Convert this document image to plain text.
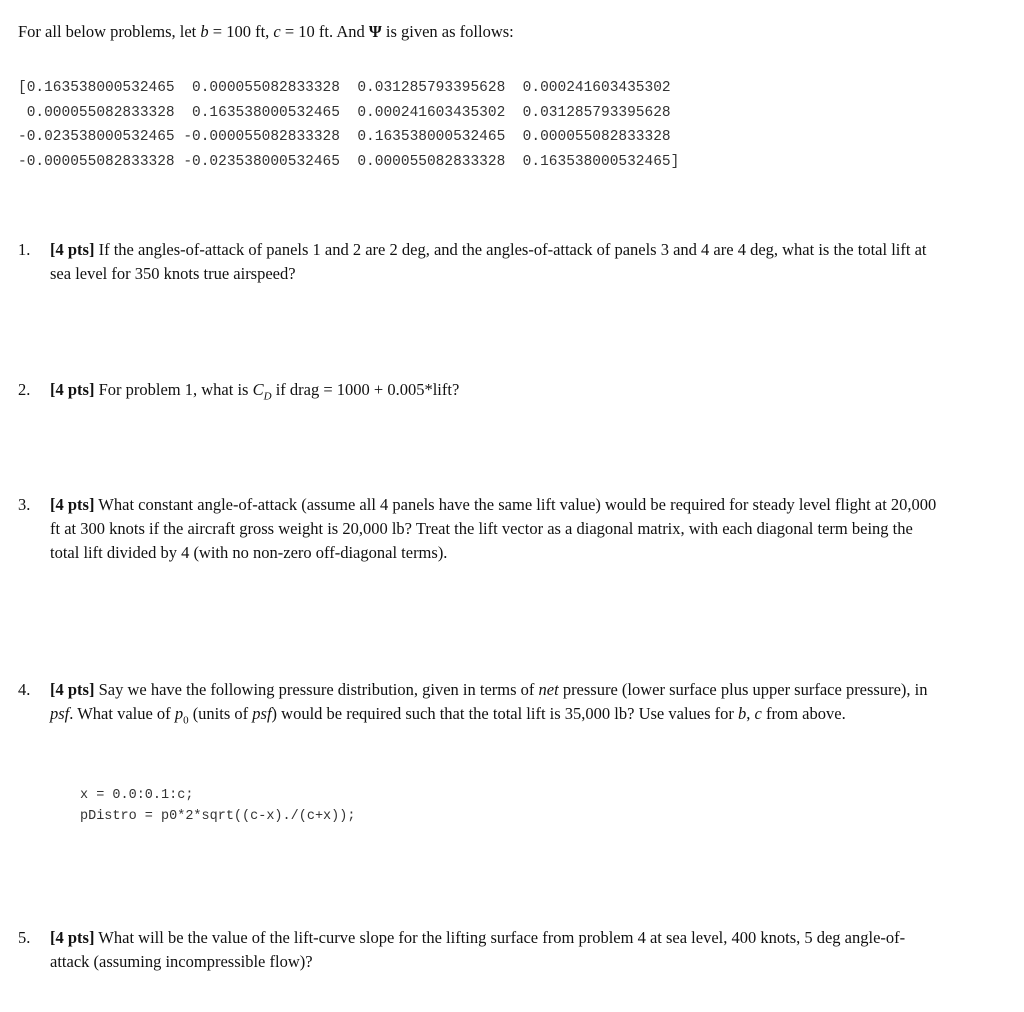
For all below problems, let b = 100 ft, c = 10 ft. And Ψ is given as follows:
[0.163538000532465  0.000055082833328  0.031285793395628  0.000241603435302
0.000055082833328  0.163538000532465  0.000241603435302  0.031285793395628
-0.023538000532465 -0.000055082833328  0.163538000532465  0.000055082833328
-0.000055082833328 -0.023538000532465  0.000055082833328  0.163538000532465]
1. [4 pts] If the angles-of-attack of panels 1 and 2 are 2 deg, and the angles-of-attack of panels 3 and 4 are 4 deg, what is the total lift at sea level for 350 knots true airspeed?
2. [4 pts] For problem 1, what is $C_D$ if drag = 1000 + 0.005*lift?
3. [4 pts] What constant angle-of-attack (assume all 4 panels have the same lift value) would be required for steady level flight at 20,000 ft at 300 knots if the aircraft gross weight is 20,000 lb? Treat the lift vector as a diagonal matrix, with each diagonal term being the total lift divided by 4 (with no non-zero off-diagonal terms).
4. [4 pts] Say we have the following pressure distribution, given in terms of net pressure (lower surface plus upper surface pressure), in psf. What value of $p_0$ (units of psf) would be required such that the total lift is 35,000 lb? Use values for b, c from above.
x = 0.0:0.1:c;
pDistro = p0*2*sqrt((c-x)./(c+x));
5. [4 pts] What will be the value of the lift-curve slope for the lifting surface from problem 4 at sea level, 400 knots, 5 deg angle-of-attack (assuming incompressible flow)?
